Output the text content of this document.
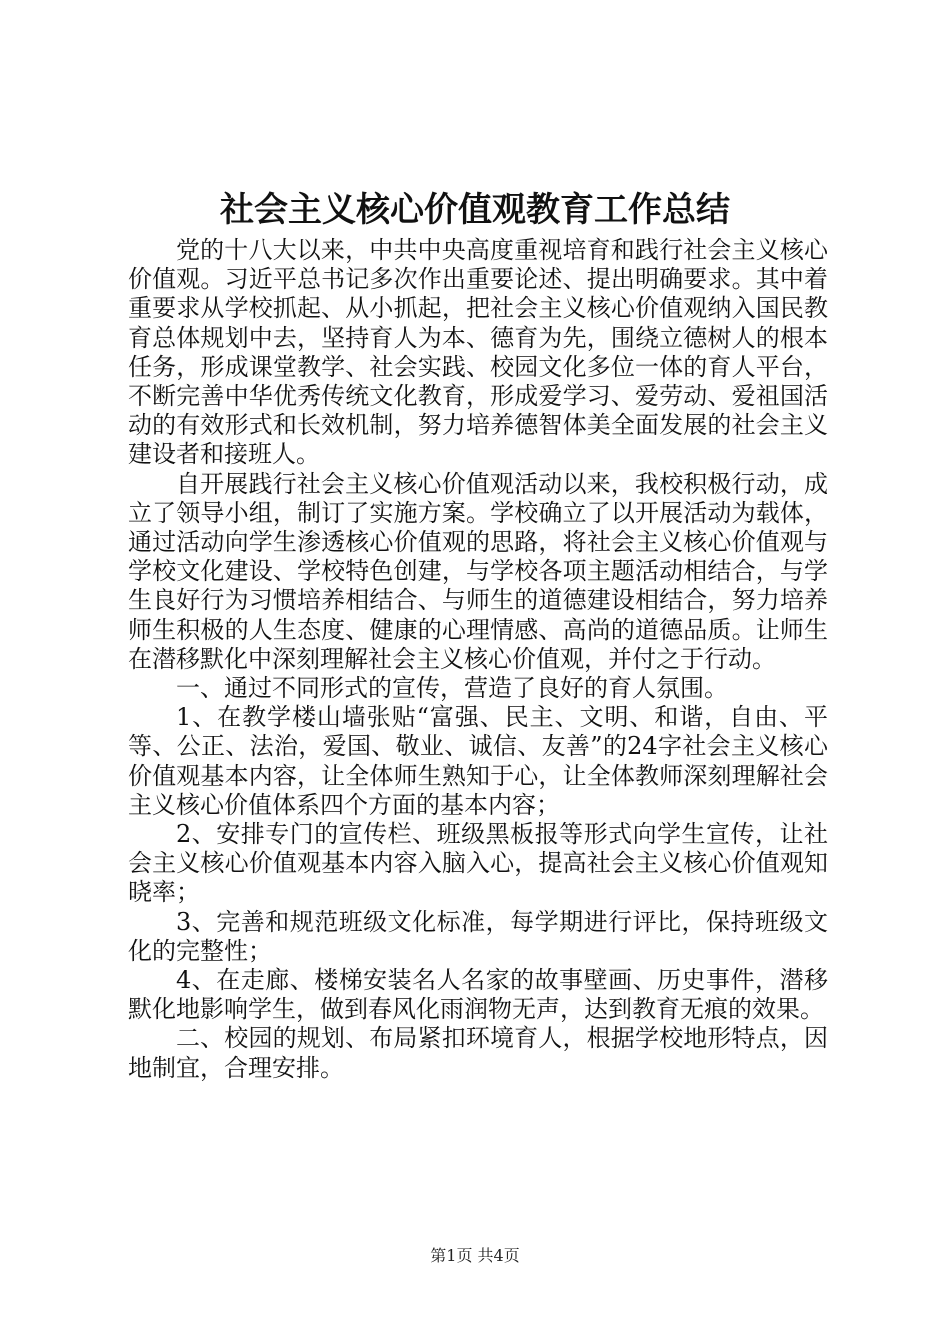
社会主义核心价值观教育工作总结

党的十八大以来，中共中央高度重视培育和践行社会主义核心价值观。习近平总书记多次作出重要论述、提出明确要求。其中着重要求从学校抓起、从小抓起，把社会主义核心价值观纳入国民教育总体规划中去，坚持育人为本、德育为先，围绕立德树人的根本任务，形成课堂教学、社会实践、校园文化多位一体的育人平台，不断完善中华优秀传统文化教育，形成爱学习、爱劳动、爱祖国活动的有效形式和长效机制，努力培养德智体美全面发展的社会主义建设者和接班人。

自开展践行社会主义核心价值观活动以来，我校积极行动，成立了领导小组，制订了实施方案。学校确立了以开展活动为载体，通过活动向学生渗透核心价值观的思路，将社会主义核心价值观与学校文化建设、学校特色创建，与学校各项主题活动相结合，与学生良好行为习惯培养相结合、与师生的道德建设相结合，努力培养师生积极的人生态度、健康的心理情感、高尚的道德品质。让师生在潜移默化中深刻理解社会主义核心价值观，并付之于行动。

一、通过不同形式的宣传，营造了良好的育人氛围。

1、在教学楼山墙张贴“富强、民主、文明、和谐，自由、平等、公正、法治，爱国、敬业、诚信、友善”的24字社会主义核心价值观基本内容，让全体师生熟知于心，让全体教师深刻理解社会主义核心价值体系四个方面的基本内容；

2、安排专门的宣传栏、班级黑板报等形式向学生宣传，让社会主义核心价值观基本内容入脑入心，提高社会主义核心价值观知晓率；

3、完善和规范班级文化标准，每学期进行评比，保持班级文化的完整性；

4、在走廊、楼梯安装名人名家的故事壁画、历史事件，潜移默化地影响学生，做到春风化雨润物无声，达到教育无痕的效果。

二、校园的规划、布局紧扣环境育人，根据学校地形特点，因地制宜，合理安排。

第1页 共4页
